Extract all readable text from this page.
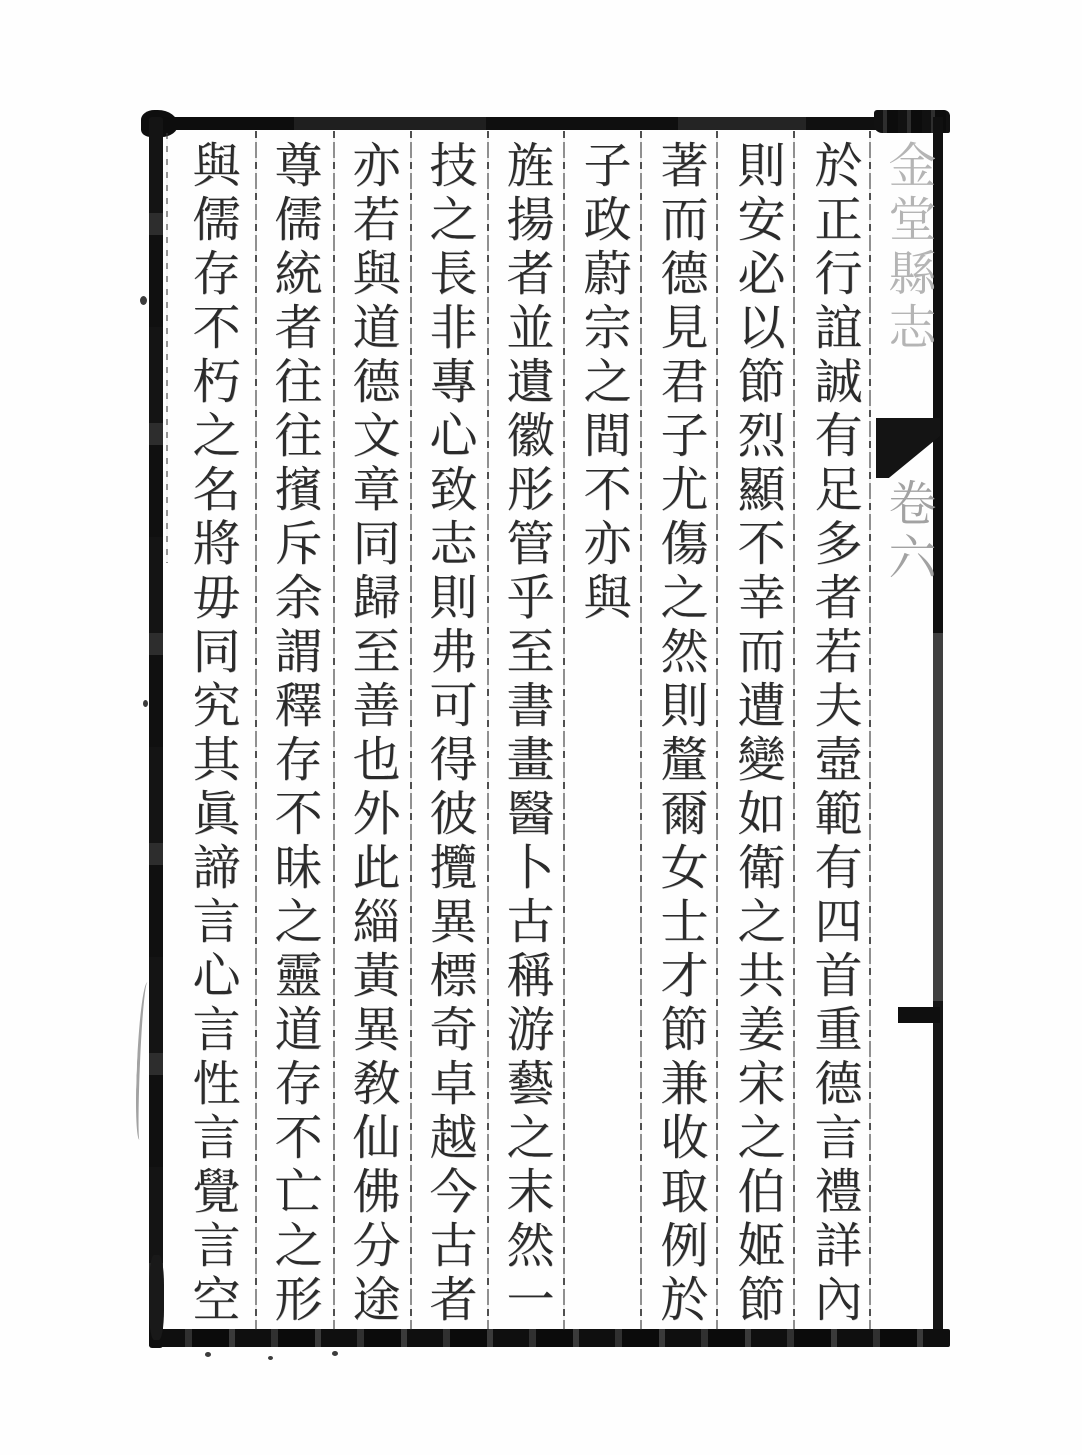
金堂縣志卷六
於正行誼誠有足多者若夫壼範有四首重德言禮詳內
則安必以節烈顯不幸而遭變如衛之共姜宋之伯姬節
著而德見君子尤傷之然則釐爾女士才節兼收取例於
子政蔚宗之間不亦與
旌揚者並遺徽彤管乎至書畫醫卜古稱游藝之末然一
技之長非專心致志則弗可得彼攬異標奇卓越今古者
亦若與道德文章同歸至善也外此緇黃異敎仙佛分途
尊儒統者往往擯斥余謂釋存不昧之靈道存不亡之形
與儒存不朽之名將毋同究其眞諦言心言性言覺言空
